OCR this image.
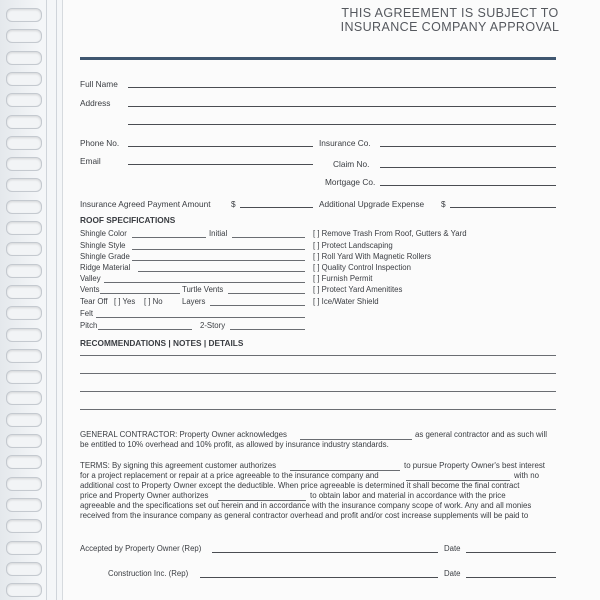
THIS AGREEMENT IS SUBJECT TO
INSURANCE COMPANY APPROVAL
Full Name
Address
Phone No.	Insurance Co.
Email	Claim No.
Mortgage Co.
Insurance Agreed Payment Amount $	Additional Upgrade Expense $
ROOF SPECIFICATIONS
Shingle Color	Initial
Shingle Style
Shingle Grade
Ridge Material
Valley
Vents	Turtle Vents
Tear Off [ ] Yes [ ] No Layers
Felt
Pitch	2-Story
[ ] Remove Trash From Roof, Gutters & Yard
[ ] Protect Landscaping
[ ] Roll Yard With Magnetic Rollers
[ ] Quality Control Inspection
[ ] Furnish Permit
[ ] Protect Yard Amenitites
[ ] Ice/Water Shield
RECOMMENDATIONS | NOTES | DETAILS
GENERAL CONTRACTOR: Property Owner acknowledges	as general contractor and as such will
be entitled to 10% overhead and 10% profit, as allowed by insurance industry standards.
TERMS: By signing this agreement customer authorizes	to pursue Property Owner's best interest
for a project replacement or repair at a price agreeable to the insurance company and	with no
additional cost to Property Owner except the deductible. When price agreeable is determined it shall become the final contract
price and Property Owner authorizes	to obtain labor and material in accordance with the price
agreeable and the specifications set out herein and in accordance with the insurance company scope of work. Any and all monies
received from the insurance company as general contractor overhead and profit and/or cost increase supplements will be paid to
Accepted by Property Owner (Rep)	Date
Construction Inc. (Rep)	Date
